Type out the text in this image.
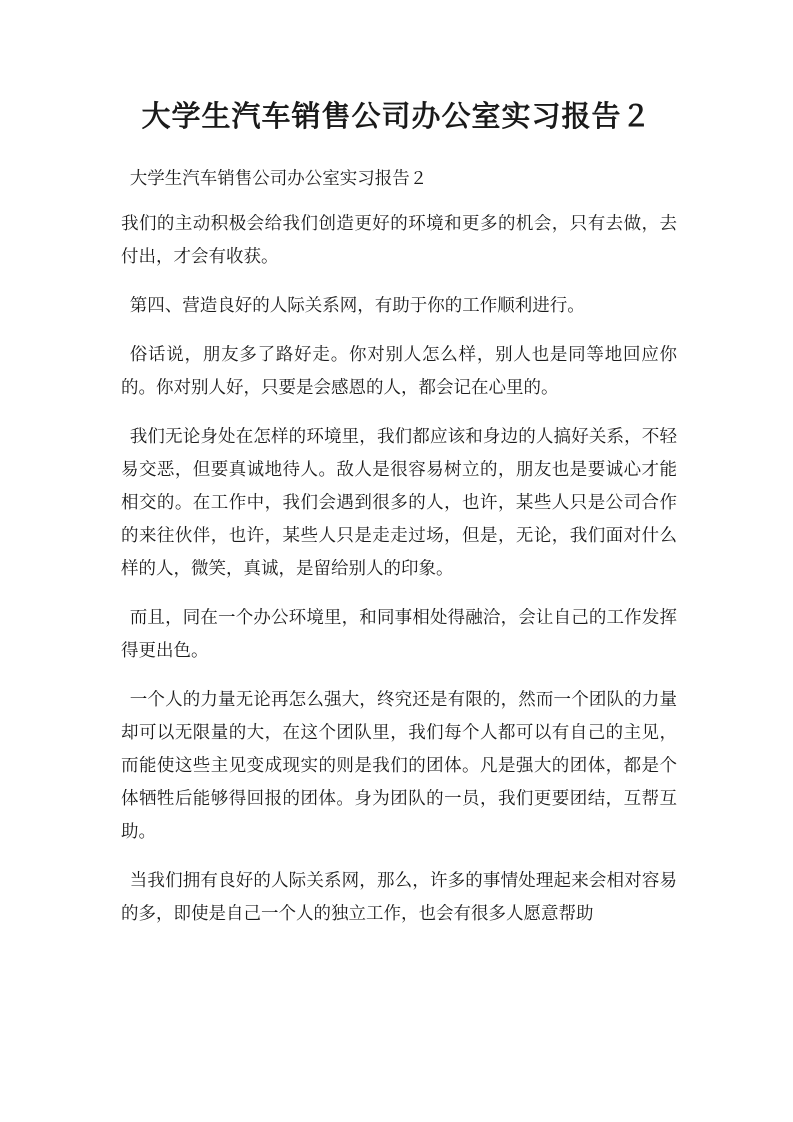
大学生汽车销售公司办公室实习报告２

大学生汽车销售公司办公室实习报告２

我们的主动积极会给我们创造更好的环境和更多的机会，只有去做，去付出，才会有收获。

第四、营造良好的人际关系网，有助于你的工作顺利进行。

俗话说，朋友多了路好走。你对别人怎么样，别人也是同等地回应你的。你对别人好，只要是会感恩的人，都会记在心里的。

我们无论身处在怎样的环境里，我们都应该和身边的人搞好关系，不轻易交恶，但要真诚地待人。敌人是很容易树立的，朋友也是要诚心才能相交的。在工作中，我们会遇到很多的人，也许，某些人只是公司合作的来往伙伴，也许，某些人只是走走过场，但是，无论，我们面对什么样的人，微笑，真诚，是留给别人的印象。

而且，同在一个办公环境里，和同事相处得融洽，会让自己的工作发挥得更出色。

一个人的力量无论再怎么强大，终究还是有限的，然而一个团队的力量却可以无限量的大，在这个团队里，我们每个人都可以有自己的主见，而能使这些主见变成现实的则是我们的团体。凡是强大的团体，都是个体牺牲后能够得回报的团体。身为团队的一员，我们更要团结，互帮互助。

当我们拥有良好的人际关系网，那么，许多的事情处理起来会相对容易的多，即使是自己一个人的独立工作，也会有很多人愿意帮助
